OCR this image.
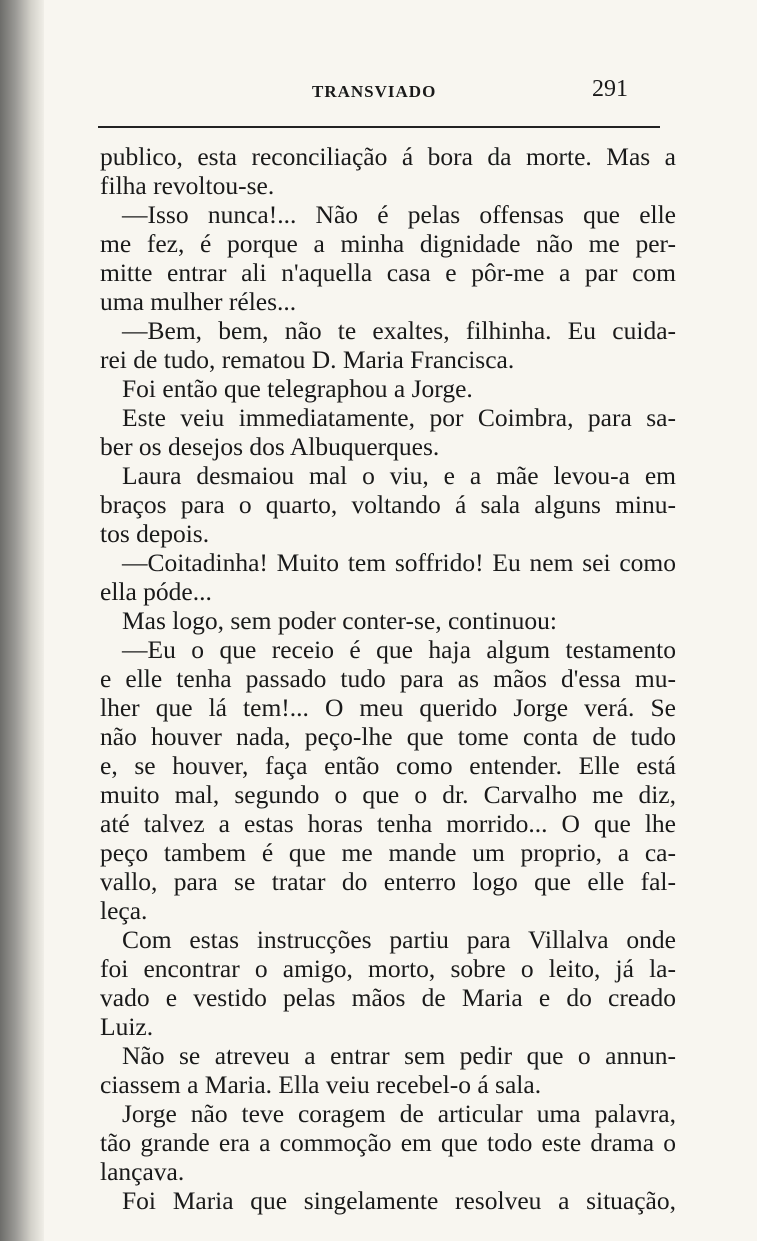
TRANSVIADO	291
publico, esta reconciliação á bora da morte. Mas a
filha revoltou-se.
—Isso nunca!... Não é pelas offensas que elle
me fez, é porque a minha dignidade não me per-
mitte entrar ali n'aquella casa e pôr-me a par com
uma mulher réles...
—Bem, bem, não te exaltes, filhinha. Eu cuida-
rei de tudo, rematou D. Maria Francisca.
Foi então que telegraphou a Jorge.
Este veiu immediatamente, por Coimbra, para sa-
ber os desejos dos Albuquerques.
Laura desmaiou mal o viu, e a mãe levou-a em
braços para o quarto, voltando á sala alguns minu-
tos depois.
—Coitadinha! Muito tem soffrido! Eu nem sei como
ella póde...
Mas logo, sem poder conter-se, continuou:
—Eu o que receio é que haja algum testamento
e elle tenha passado tudo para as mãos d'essa mu-
lher que lá tem!... O meu querido Jorge verá. Se
não houver nada, peço-lhe que tome conta de tudo
e, se houver, faça então como entender. Elle está
muito mal, segundo o que o dr. Carvalho me diz,
até talvez a estas horas tenha morrido... O que lhe
peço tambem é que me mande um proprio, a ca-
vallo, para se tratar do enterro logo que elle fal-
leça.
Com estas instrucções partiu para Villalva onde
foi encontrar o amigo, morto, sobre o leito, já la-
vado e vestido pelas mãos de Maria e do creado
Luiz.
Não se atreveu a entrar sem pedir que o annun-
ciassem a Maria. Ella veiu recebel-o á sala.
Jorge não teve coragem de articular uma palavra,
tão grande era a commoção em que todo este drama o
lançava.
Foi Maria que singelamente resolveu a situação,
